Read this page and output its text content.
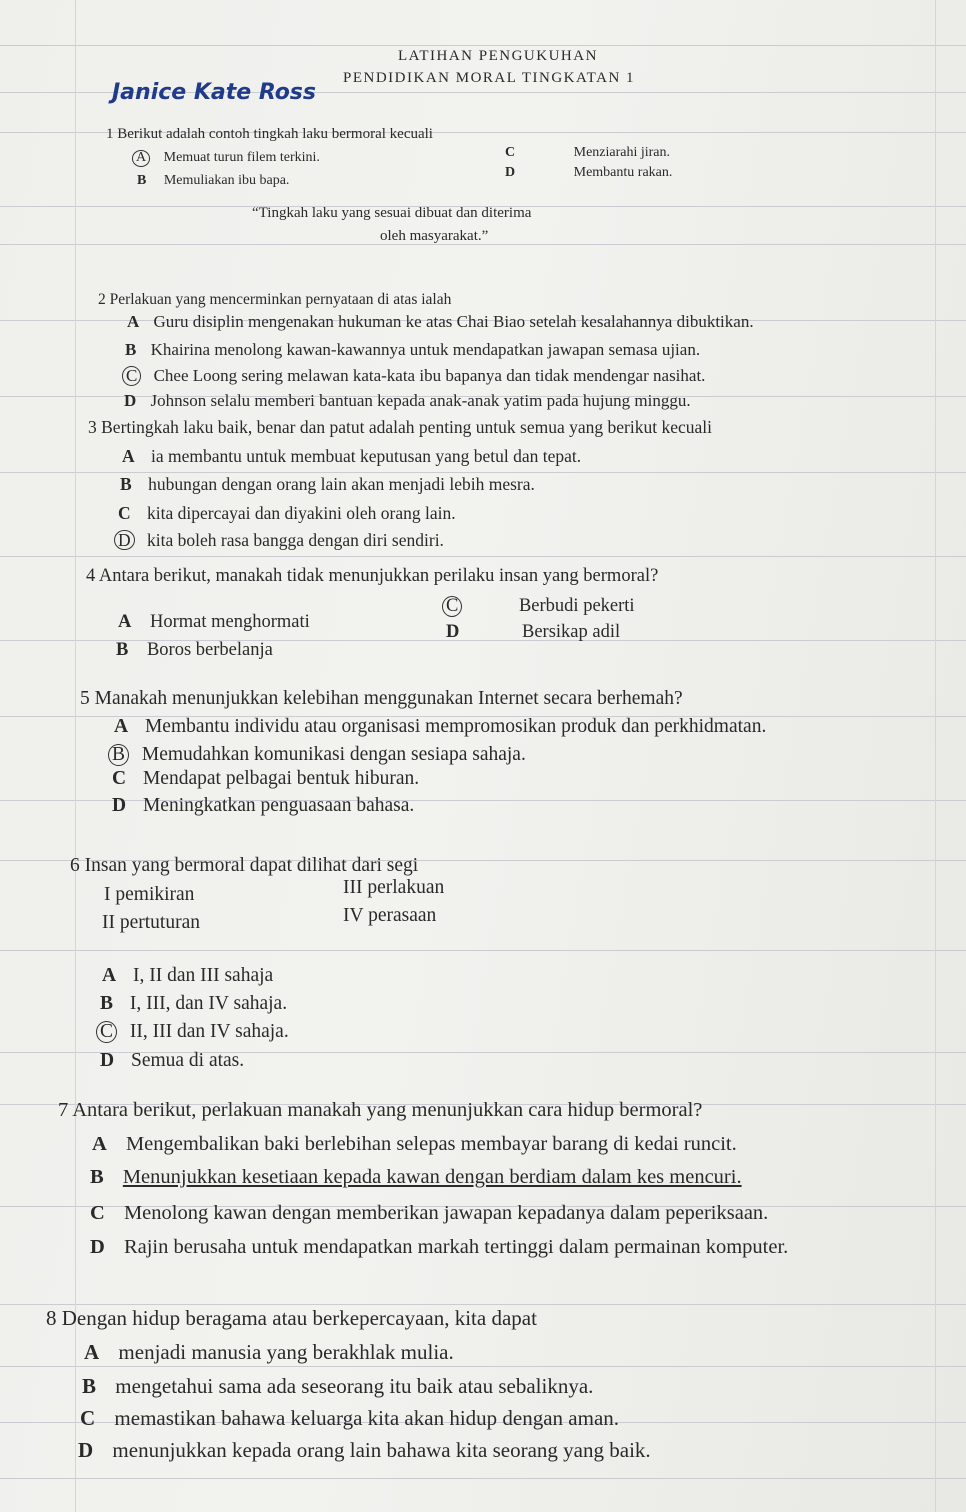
LATIHAN PENGUKUHAN
PENDIDIKAN MORAL TINGKATAN 1
Janice Kate Ross
1 Berikut adalah contoh tingkah laku bermoral kecuali
A Memuat turun filem terkini.
B Memuliakan ibu bapa.
C	Menziarahi jiran.
D	Membantu rakan.
“Tingkah laku yang sesuai dibuat dan diterima
oleh masyarakat.”
2 Perlakuan yang mencerminkan pernyataan di atas ialah
A Guru disiplin mengenakan hukuman ke atas Chai Biao setelah kesalahannya dibuktikan.
B Khairina menolong kawan-kawannya untuk mendapatkan jawapan semasa ujian.
C Chee Loong sering melawan kata-kata ibu bapanya dan tidak mendengar nasihat.
D Johnson selalu memberi bantuan kepada anak-anak yatim pada hujung minggu.
3 Bertingkah laku baik, benar dan patut adalah penting untuk semua yang berikut kecuali
A ia membantu untuk membuat keputusan yang betul dan tepat.
B hubungan dengan orang lain akan menjadi lebih mesra.
C kita dipercayai dan diyakini oleh orang lain.
D kita boleh rasa bangga dengan diri sendiri.
4 Antara berikut, manakah tidak menunjukkan perilaku insan yang bermoral?
A Hormat menghormati
B Boros berbelanja
C	Berbudi pekerti
D	Bersikap adil
5 Manakah menunjukkan kelebihan menggunakan Internet secara berhemah?
A Membantu individu atau organisasi mempromosikan produk dan perkhidmatan.
B Memudahkan komunikasi dengan sesiapa sahaja.
C Mendapat pelbagai bentuk hiburan.
D Meningkatkan penguasaan bahasa.
6 Insan yang bermoral dapat dilihat dari segi
I pemikiran
II pertuturan
III perlakuan
IV perasaan
A I, II dan III sahaja
B I, III, dan IV sahaja.
C II, III dan IV sahaja.
D Semua di atas.
7 Antara berikut, perlakuan manakah yang menunjukkan cara hidup bermoral?
A Mengembalikan baki berlebihan selepas membayar barang di kedai runcit.
B Menunjukkan kesetiaan kepada kawan dengan berdiam dalam kes mencuri.
C Menolong kawan dengan memberikan jawapan kepadanya dalam peperiksaan.
D Rajin berusaha untuk mendapatkan markah tertinggi dalam permainan komputer.
8 Dengan hidup beragama atau berkepercayaan, kita dapat
A menjadi manusia yang berakhlak mulia.
B mengetahui sama ada seseorang itu baik atau sebaliknya.
C memastikan bahawa keluarga kita akan hidup dengan aman.
D menunjukkan kepada orang lain bahawa kita seorang yang baik.
